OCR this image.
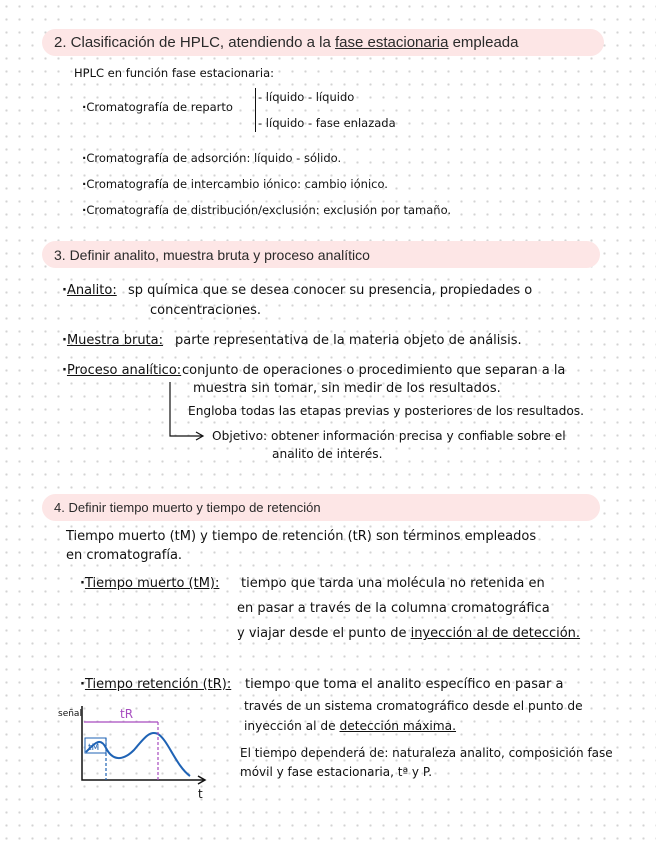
2. Clasificación de HPLC, atendiendo a la
fase estacionaria
empleada
HPLC en función fase estacionaria:
· Cromatografía de reparto
- líquido - líquido
- líquido - fase enlazada
· Cromatografía de adsorción: líquido - sólido.
· Cromatografía de intercambio iónico: cambio iónico.
· Cromatografía de distribución/exclusión: exclusión por tamaño.
3. Definir analito, muestra bruta y proceso analítico
· Analito: sp química que se desea conocer su presencia, propiedades o
concentraciones.
· Muestra bruta: parte representativa de la materia objeto de análisis.
· Proceso analítico: conjunto de operaciones o procedimiento que separan a la
muestra sin tomar, sin medir de los resultados.
Engloba todas las etapas previas y posteriores de los resultados.
Objetivo: obtener información precisa y confiable sobre el
analito de interés.
4. Definir tiempo muerto y tiempo de retención
Tiempo muerto (tM) y tiempo de retención (tR) son términos empleados
en cromatografía.
· Tiempo muerto (tM): tiempo que tarda una molécula no retenida en
en pasar a través de la columna cromatográfica
y viajar desde el punto de inyección al de detección.
· Tiempo retención (tR): tiempo que toma el analito específico en pasar a
través de un sistema cromatográfico desde el punto de
inyección al de detección máxima.
El tiempo dependerá de: naturaleza analito, composición fase
móvil y fase estacionaria, tª y P.
señal	tR
tM
t
